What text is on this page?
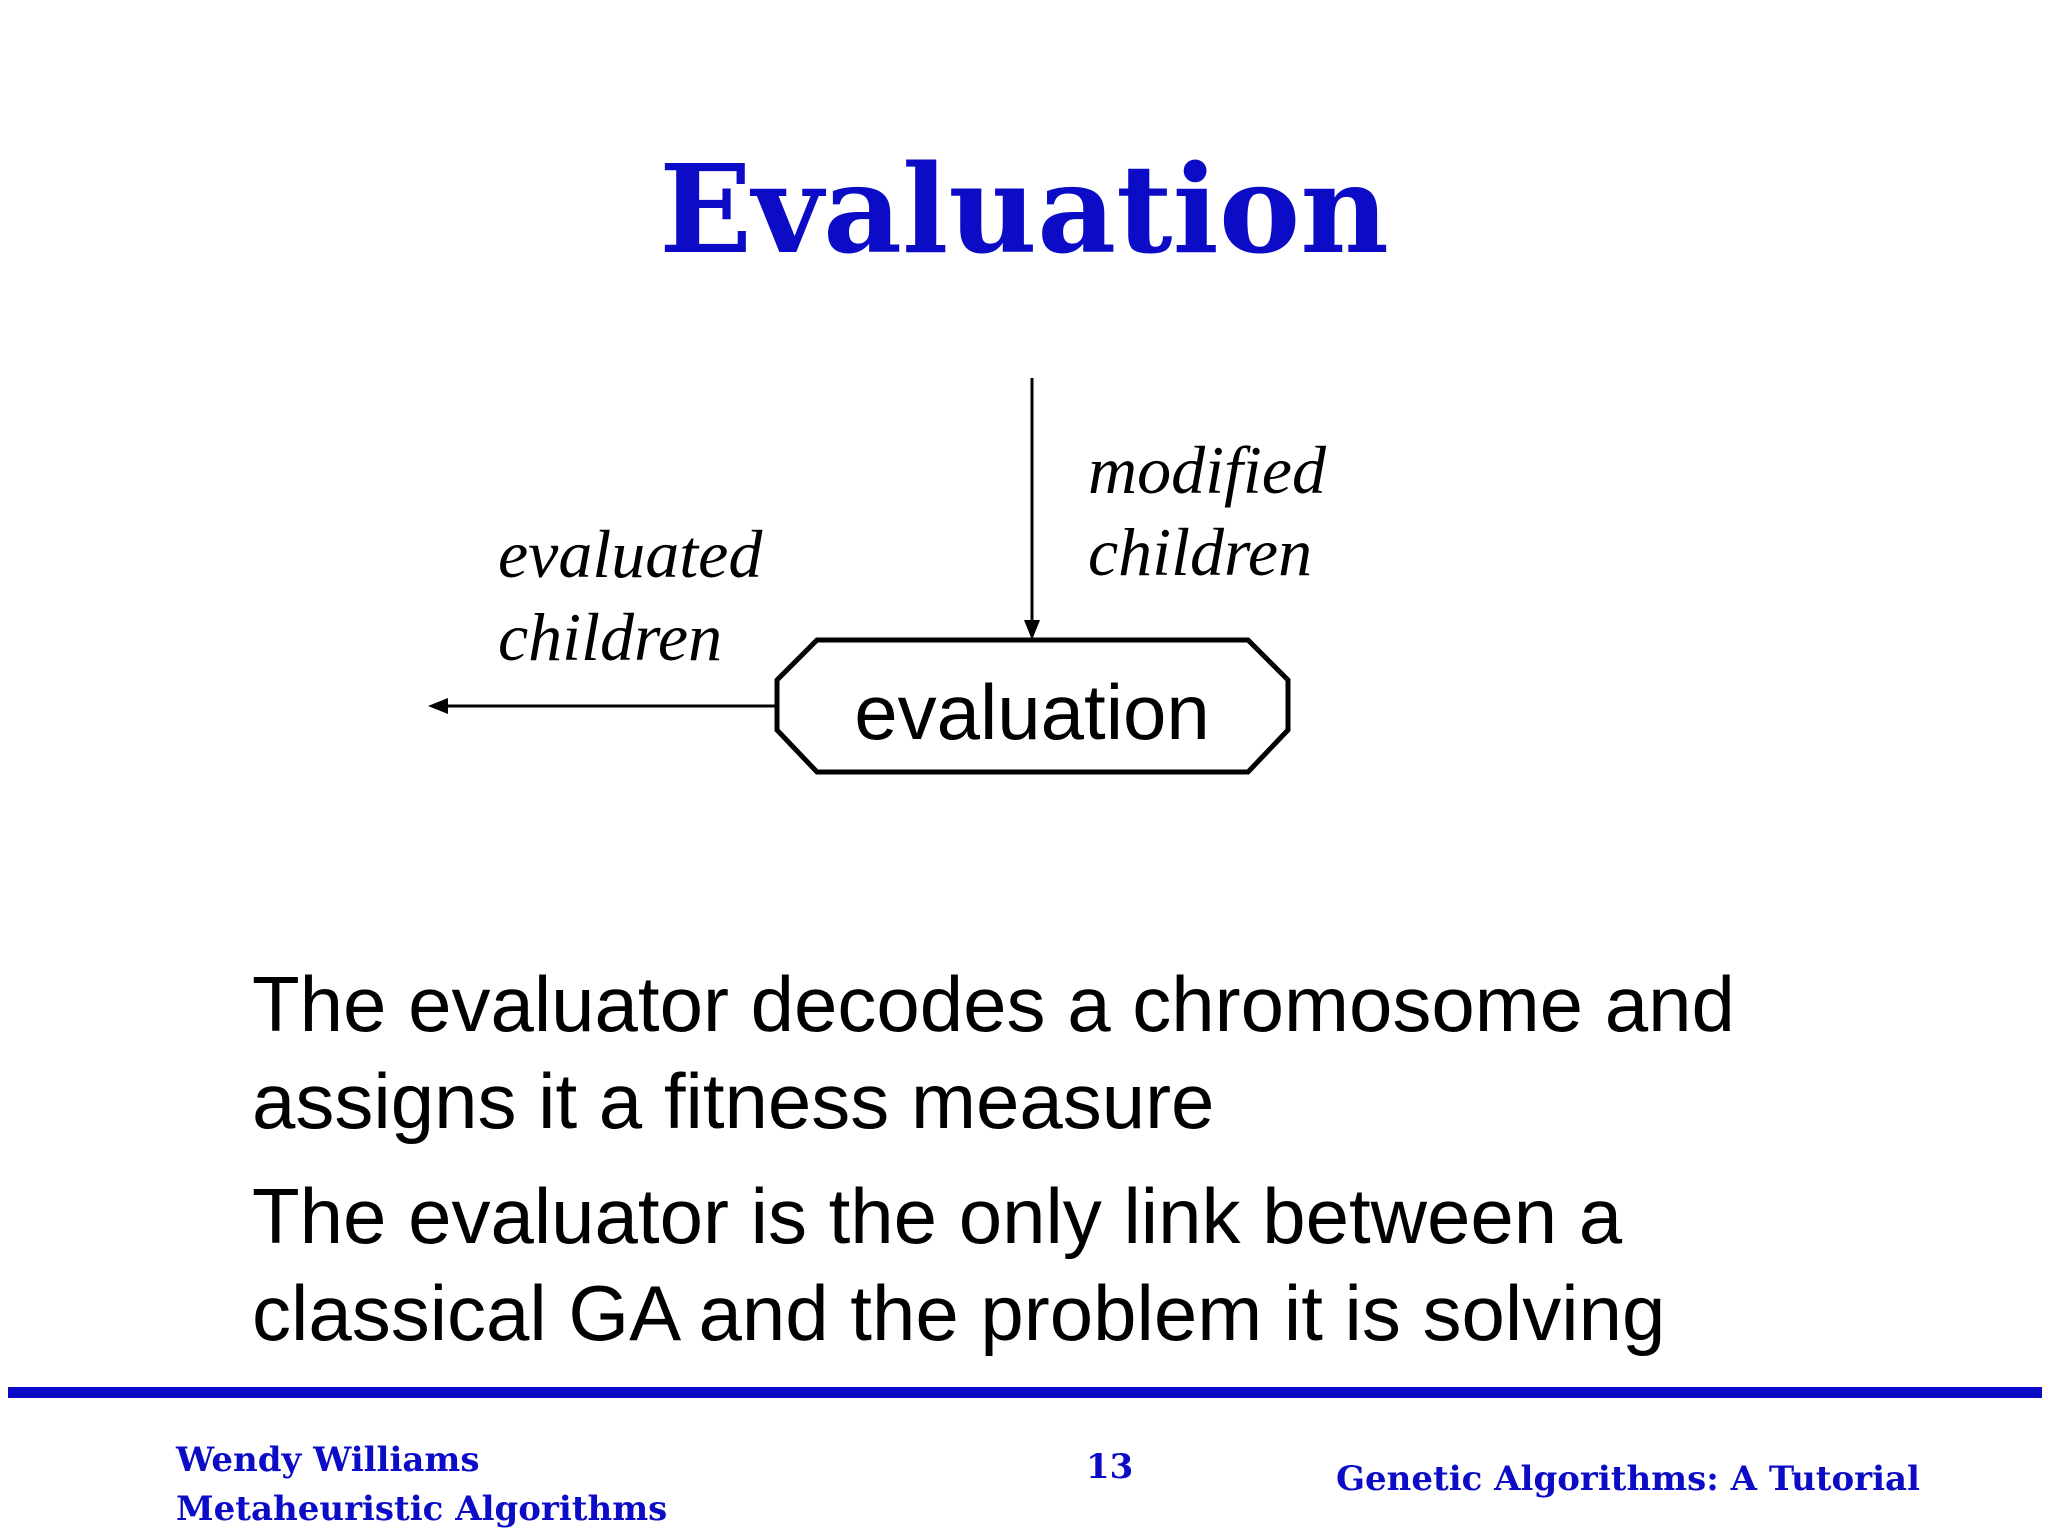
Evaluation
evaluation
modified
children
evaluated
children
The evaluator decodes a chromosome and
assigns it a fitness measure
The evaluator is the only link between a
classical GA and the problem it is solving
Wendy Williams
Metaheuristic Algorithms
13	Genetic Algorithms: A Tutorial
